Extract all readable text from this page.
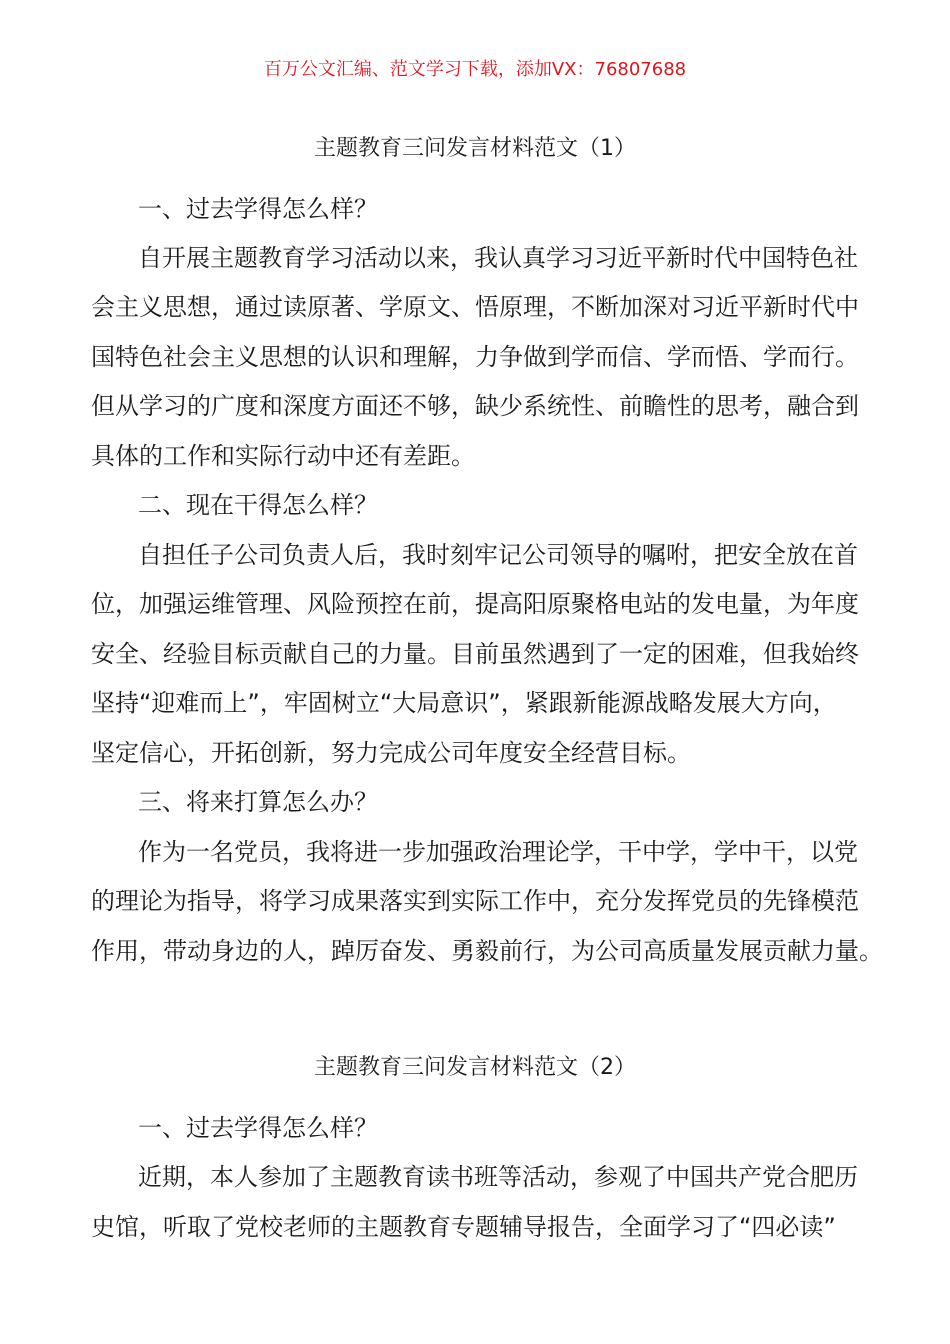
百万公文汇编、范文学习下载，添加VX：76807688
主题教育三问发言材料范文（1）
一、过去学得怎么样？
自开展主题教育学习活动以来，我认真学习习近平新时代中国特色社
会主义思想，通过读原著、学原文、悟原理，不断加深对习近平新时代中
国特色社会主义思想的认识和理解，力争做到学而信、学而悟、学而行。
但从学习的广度和深度方面还不够，缺少系统性、前瞻性的思考，融合到
具体的工作和实际行动中还有差距。
二、现在干得怎么样？
自担任子公司负责人后，我时刻牢记公司领导的嘱咐，把安全放在首
位，加强运维管理、风险预控在前，提高阳原聚格电站的发电量，为年度
安全、经验目标贡献自己的力量。目前虽然遇到了一定的困难，但我始终
坚持“迎难而上”，牢固树立“大局意识”，紧跟新能源战略发展大方向，
坚定信心，开拓创新，努力完成公司年度安全经营目标。
三、将来打算怎么办？
作为一名党员，我将进一步加强政治理论学，干中学，学中干，以党
的理论为指导，将学习成果落实到实际工作中，充分发挥党员的先锋模范
作用，带动身边的人，踔厉奋发、勇毅前行，为公司高质量发展贡献力量。
主题教育三问发言材料范文（2）
一、过去学得怎么样？
近期，本人参加了主题教育读书班等活动，参观了中国共产党合肥历
史馆，听取了党校老师的主题教育专题辅导报告，全面学习了“四必读”
